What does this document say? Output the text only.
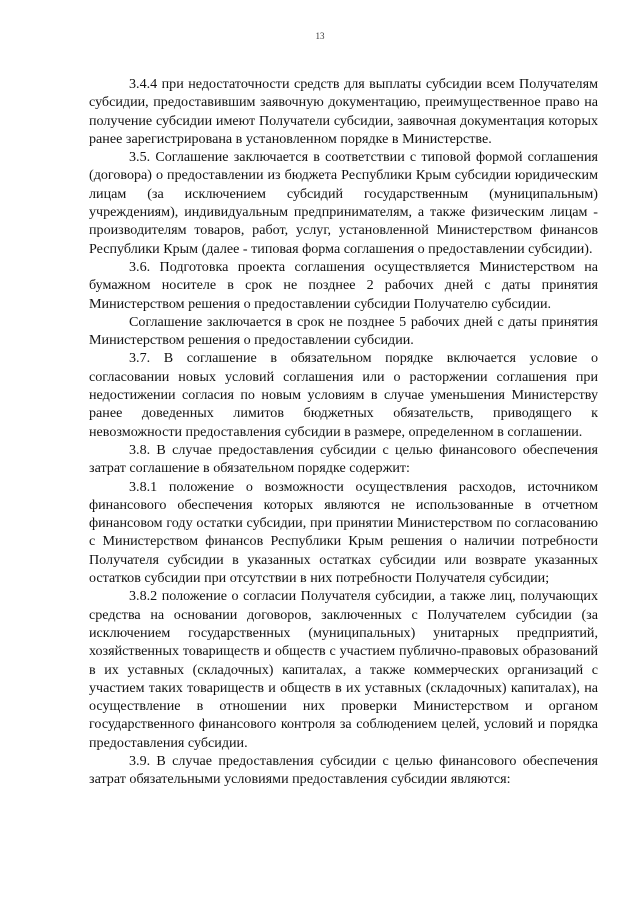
13

3.4.4 при недостаточности средств для выплаты субсидии всем Получателям субсидии, предоставившим заявочную документацию, преимущественное право на получение субсидии имеют Получатели субсидии, заявочная документация которых ранее зарегистрирована в установленном порядке в Министерстве.

3.5. Соглашение заключается в соответствии с типовой формой соглашения (договора) о предоставлении из бюджета Республики Крым субсидии юридическим лицам (за исключением субсидий государственным (муниципальным) учреждениям), индивидуальным предпринимателям, а также физическим лицам - производителям товаров, работ, услуг, установленной Министерством финансов Республики Крым (далее - типовая форма соглашения о предоставлении субсидии).

3.6. Подготовка проекта соглашения осуществляется Министерством на бумажном носителе в срок не позднее 2 рабочих дней с даты принятия Министерством решения о предоставлении субсидии Получателю субсидии.

Соглашение заключается в срок не позднее 5 рабочих дней с даты принятия Министерством решения о предоставлении субсидии.

3.7. В соглашение в обязательном порядке включается условие о согласовании новых условий соглашения или о расторжении соглашения при недостижении согласия по новым условиям в случае уменьшения Министерству ранее доведенных лимитов бюджетных обязательств, приводящего к невозможности предоставления субсидии в размере, определенном в соглашении.

3.8. В случае предоставления субсидии с целью финансового обеспечения затрат соглашение в обязательном порядке содержит:

3.8.1 положение о возможности осуществления расходов, источником финансового обеспечения которых являются не использованные в отчетном финансовом году остатки субсидии, при принятии Министерством по согласованию с Министерством финансов Республики Крым решения о наличии потребности Получателя субсидии в указанных остатках субсидии или возврате указанных остатков субсидии при отсутствии в них потребности Получателя субсидии;

3.8.2 положение о согласии Получателя субсидии, а также лиц, получающих средства на основании договоров, заключенных с Получателем субсидии (за исключением государственных (муниципальных) унитарных предприятий, хозяйственных товариществ и обществ с участием публично-правовых образований в их уставных (складочных) капиталах, а также коммерческих организаций с участием таких товариществ и обществ в их уставных (складочных) капиталах), на осуществление в отношении них проверки Министерством и органом государственного финансового контроля за соблюдением целей, условий и порядка предоставления субсидии.

3.9. В случае предоставления субсидии с целью финансового обеспечения затрат обязательными условиями предоставления субсидии являются:
